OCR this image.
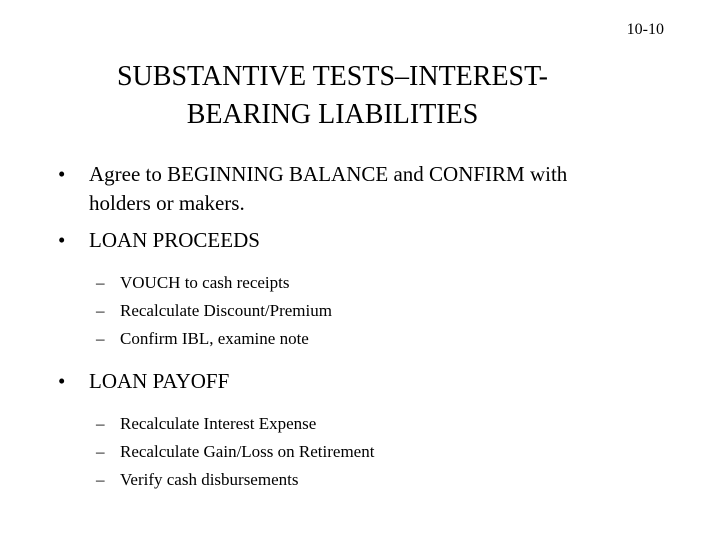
10-10
SUBSTANTIVE TESTS–INTEREST-
BEARING LIABILITIES
• Agree to BEGINNING BALANCE and CONFIRM with
holders or makers.
• LOAN PROCEEDS
– VOUCH to cash receipts
– Recalculate Discount/Premium
– Confirm IBL, examine note
• LOAN PAYOFF
– Recalculate Interest Expense
– Recalculate Gain/Loss on Retirement
– Verify cash disbursements
